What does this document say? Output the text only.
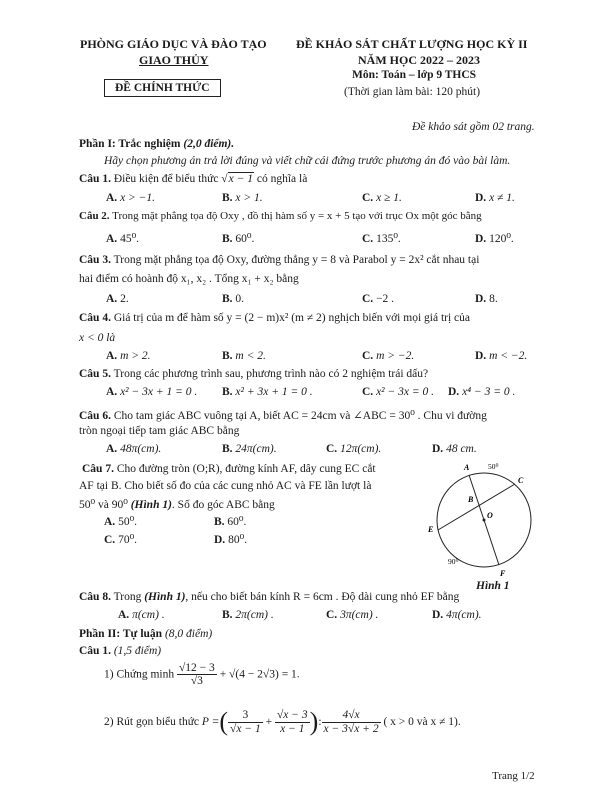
PHÒNG GIÁO DỤC VÀ ĐÀO TẠO
GIAO THỦY
ĐỀ CHÍNH THỨC
ĐỀ KHẢO SÁT CHẤT LƯỢNG HỌC KỲ II
NĂM HỌC 2022 – 2023
Môn: Toán – lớp 9 THCS
(Thời gian làm bài: 120 phút)
Đề khảo sát gồm 02 trang.
Phần I: Trắc nghiệm (2,0 điểm).
Hãy chọn phương án trả lời đúng và viết chữ cái đứng trước phương án đó vào bài làm.
Câu 1. Điều kiện để biểu thức √x − 1 có nghĩa là
A. x > −1.	B. x > 1.	C. x ≥ 1.	D. x ≠ 1.
Câu 2. Trong mặt phẳng tọa độ Oxy , đồ thị hàm số y = x + 5 tạo với trục Ox một góc bằng
A. 45⁰.	B. 60⁰.	C. 135⁰.	D. 120⁰.
Câu 3. Trong mặt phẳng tọa độ Oxy, đường thẳng y = 8 và Parabol y = 2x² cắt nhau tại
hai điểm có hoành độ x₁, x₂ . Tổng x₁ + x₂ bằng
A. 2.	B. 0.	C. −2 .	D. 8.
Câu 4. Giá trị của m để hàm số y = (2 − m)x² (m ≠ 2) nghịch biến với mọi giá trị của
x < 0 là
A. m > 2.	B. m < 2.	C. m > −2.	D. m < −2.
Câu 5. Trong các phương trình sau, phương trình nào có 2 nghiệm trái dấu?
A. x² − 3x + 1 = 0 . B. x² + 3x + 1 = 0 .	C. x² − 3x = 0 . D. x⁴ − 3 = 0 .
Câu 6. Cho tam giác ABC vuông tại A, biết AC = 24cm và ∠ABC = 30⁰ . Chu vi đường
tròn ngoại tiếp tam giác ABC bằng
A. 48π(cm).	B. 24π(cm).	C. 12π(cm).	D. 48 cm.
Câu 7. Cho đường tròn (O;R), đường kính AF, dây cung EC cắt
AF tại B. Cho biết số đo của các cung nhỏ AC và FE lần lượt là
50⁰ và 90⁰ (Hình 1). Số đo góc ABC bằng
A. 50⁰.	B. 60⁰.
C. 70⁰.	D. 80⁰.
A
C
B
O
E
F
50⁰
90⁰
Hình 1
Câu 8. Trong (Hình 1), nếu cho biết bán kính R = 6cm . Độ dài cung nhỏ EF bằng
A. π(cm) .	B. 2π(cm) .	C. 3π(cm) .	D. 4π(cm).
Phần II: Tự luận (8,0 điểm)
Câu 1. (1,5 điểm)
1) Chứng minh $\frac{√12 - 3}{√3} + √(4 - 2√3) = 1$.
2) Rút gọn biểu thức P =( $\frac{3}{√x - 1} + \frac{√x - 3}{x - 1}$ ): $\frac{4√x}{x - 3√x + 2}$ ( x > 0 và x ≠ 1).
Trang 1/2
